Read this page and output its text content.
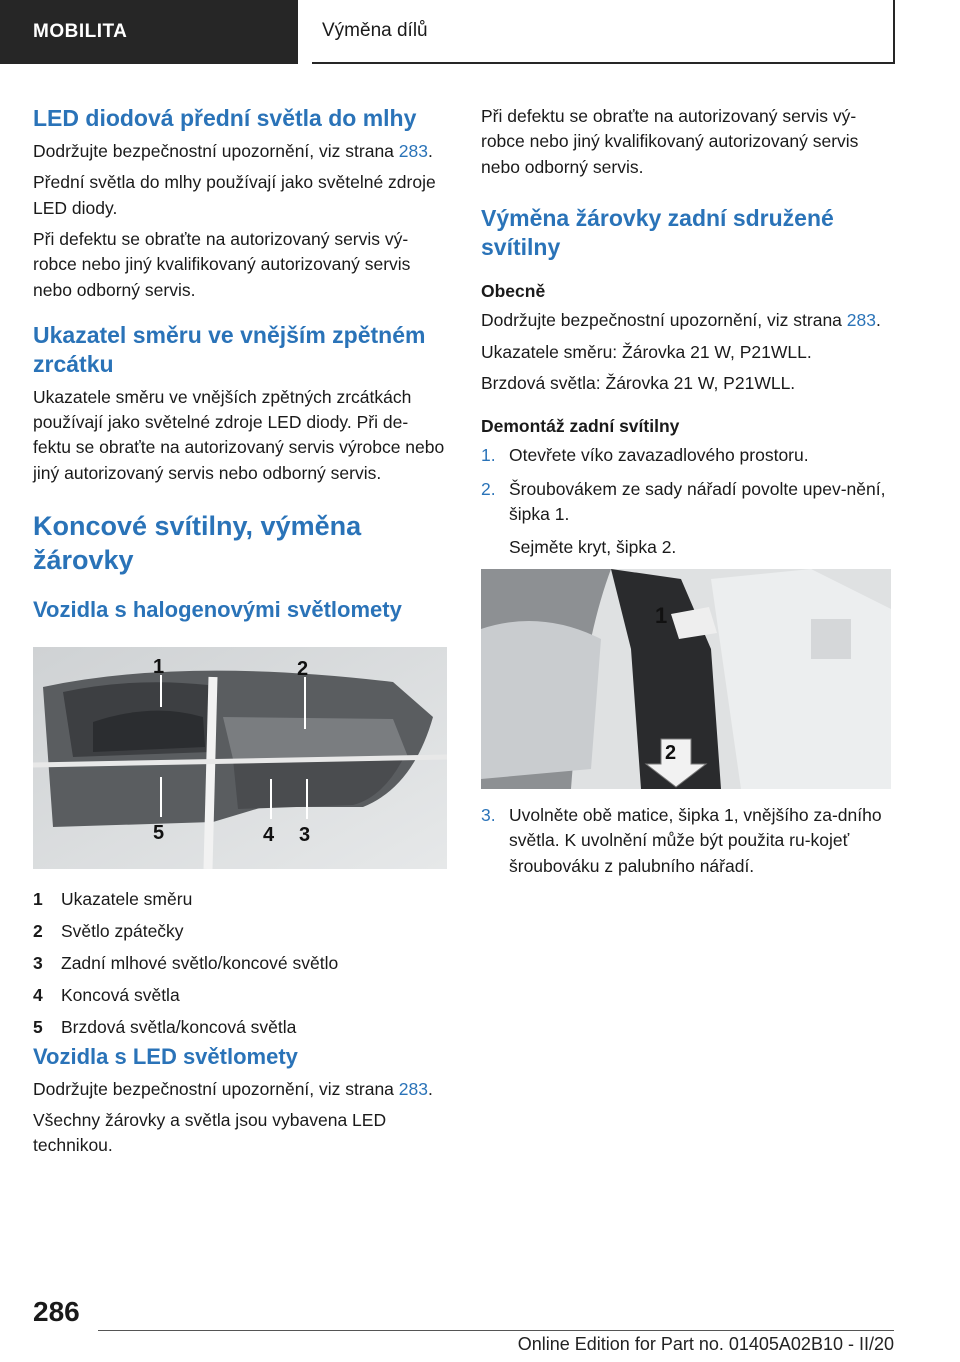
MOBILITA	Výměna dílů
LED diodová přední světla do mlhy

Dodržujte bezpečnostní upozornění, viz strana 283.

Přední světla do mlhy používají jako světelné zdroje LED diody.

Při defektu se obraťte na autorizovaný servis vý-robce nebo jiný kvalifikovaný autorizovaný servis nebo odborný servis.

Ukazatel směru ve vnějším zpětném zrcátku

Ukazatele směru ve vnějších zpětných zrcátkách používají jako světelné zdroje LED diody. Při de-fektu se obraťte na autorizovaný servis výrobce nebo jiný autorizovaný servis nebo odborný servis.

Koncové svítilny, výměna žárovky
Vozidla s halogenovými světlomety
1	2
5	4 3
1	Ukazatele směru
2	Světlo zpátečky
3	Zadní mlhové světlo/koncové světlo
4	Koncová světla
5	Brzdová světla/koncová světla
Vozidla s LED světlomety

Dodržujte bezpečnostní upozornění, viz strana 283.

Všechny žárovky a světla jsou vybavena LED technikou.

Při defektu se obraťte na autorizovaný servis vý-robce nebo jiný kvalifikovaný autorizovaný servis nebo odborný servis.

Výměna žárovky zadní sdružené svítilny
Obecně

Dodržujte bezpečnostní upozornění, viz strana 283.

Ukazatele směru: Žárovka 21 W, P21WLL.

Brzdová světla: Žárovka 21 W, P21WLL.

Demontáž zadní svítilny
1. Otevřete víko zavazadlového prostoru.
2. Šroubovákem ze sady nářadí povolte upev-nění, šipka 1.
Sejměte kryt, šipka 2.
1
2
3. Uvolněte obě matice, šipka 1, vnějšího za-dního světla. K uvolnění může být použita ru-kojeť šroubováku z palubního nářadí.
286
Online Edition for Part no. 01405A02B10 - II/20
